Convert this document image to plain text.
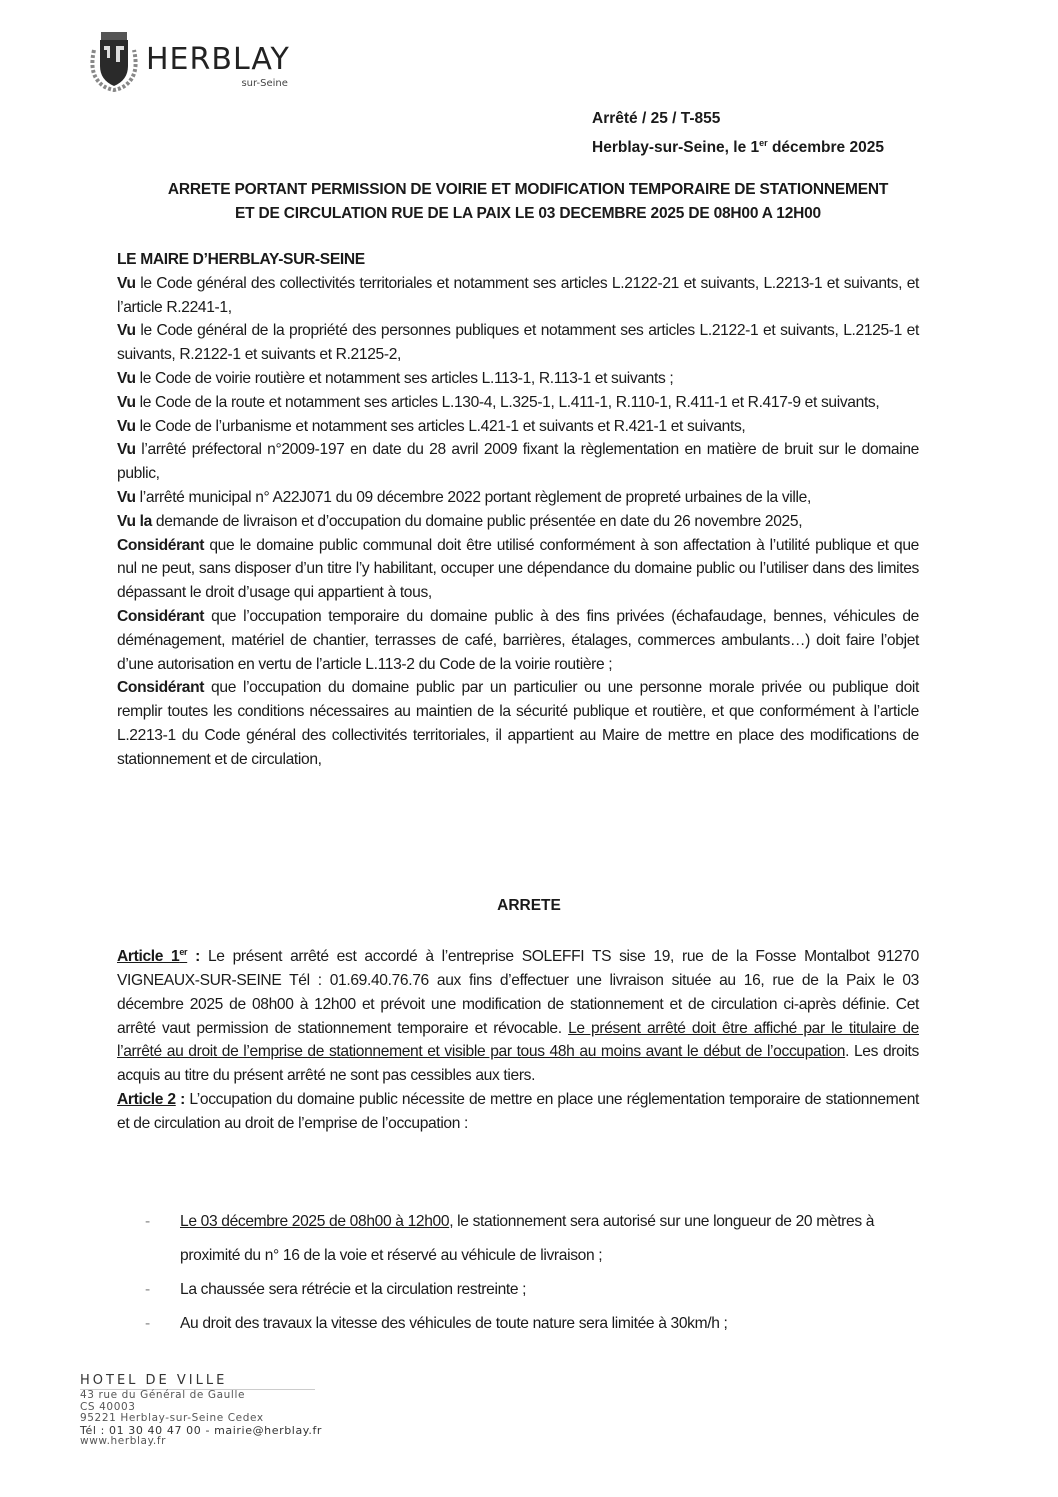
HERBLAY
sur-Seine
Arrêté / 25 / T-855
Herblay-sur-Seine, le 1er décembre 2025
ARRETE PORTANT PERMISSION DE VOIRIE ET MODIFICATION TEMPORAIRE DE STATIONNEMENT
ET DE CIRCULATION RUE DE LA PAIX LE 03 DECEMBRE 2025 DE 08H00 A 12H00

LE MAIRE D’HERBLAY-SUR-SEINE

Vu le Code général des collectivités territoriales et notamment ses articles L.2122-21 et suivants, L.2213-1 et suivants, et l’article R.2241-1,

Vu le Code général de la propriété des personnes publiques et notamment ses articles L.2122-1 et suivants, L.2125-1 et suivants, R.2122-1 et suivants et R.2125-2,

Vu le Code de voirie routière et notamment ses articles L.113-1, R.113-1 et suivants ;

Vu le Code de la route et notamment ses articles L.130-4, L.325-1, L.411-1, R.110-1, R.411-1 et R.417-9 et suivants,

Vu le Code de l’urbanisme et notamment ses articles L.421-1 et suivants et R.421-1 et suivants,

Vu l’arrêté préfectoral n°2009-197 en date du 28 avril 2009 fixant la règlementation en matière de bruit sur le domaine public,

Vu l’arrêté municipal n° A22J071 du 09 décembre 2022 portant règlement de propreté urbaines de la ville,

Vu la demande de livraison et d’occupation du domaine public présentée en date du 26 novembre 2025,

Considérant que le domaine public communal doit être utilisé conformément à son affectation à l’utilité publique et que nul ne peut, sans disposer d’un titre l’y habilitant, occuper une dépendance du domaine public ou l’utiliser dans des limites dépassant le droit d’usage qui appartient à tous,

Considérant que l’occupation temporaire du domaine public à des fins privées (échafaudage, bennes, véhicules de déménagement, matériel de chantier, terrasses de café, barrières, étalages, commerces ambulants…) doit faire l’objet d’une autorisation en vertu de l’article L.113-2 du Code de la voirie routière ;

Considérant que l’occupation du domaine public par un particulier ou une personne morale privée ou publique doit remplir toutes les conditions nécessaires au maintien de la sécurité publique et routière, et que conformément à l’article L.2213-1 du Code général des collectivités territoriales, il appartient au Maire de mettre en place des modifications de stationnement et de circulation,

ARRETE

Article 1er : Le présent arrêté est accordé à l’entreprise SOLEFFI TS sise 19, rue de la Fosse Montalbot 91270 VIGNEAUX-SUR-SEINE Tél : 01.69.40.76.76 aux fins d’effectuer une livraison située au 16, rue de la Paix le 03 décembre 2025 de 08h00 à 12h00 et prévoit une modification de stationnement et de circulation ci-après définie. Cet arrêté vaut permission de stationnement temporaire et révocable. Le présent arrêté doit être affiché par le titulaire de l’arrêté au droit de l’emprise de stationnement et visible par tous 48h au moins avant le début de l’occupation. Les droits acquis au titre du présent arrêté ne sont pas cessibles aux tiers.

Article 2 : L’occupation du domaine public nécessite de mettre en place une réglementation temporaire de stationnement et de circulation au droit de l’emprise de l’occupation :

-	Le 03 décembre 2025 de 08h00 à 12h00, le stationnement sera autorisé sur une longueur de 20 mètres à proximité du n° 16 de la voie et réservé au véhicule de livraison ;
-	La chaussée sera rétrécie et la circulation restreinte ;
-	Au droit des travaux la vitesse des véhicules de toute nature sera limitée à 30km/h ;
HOTEL DE VILLE
43 rue du Général de Gaulle
CS 40003
95221 Herblay-sur-Seine Cedex
Tél : 01 30 40 47 00 - mairie@herblay.fr
www.herblay.fr
